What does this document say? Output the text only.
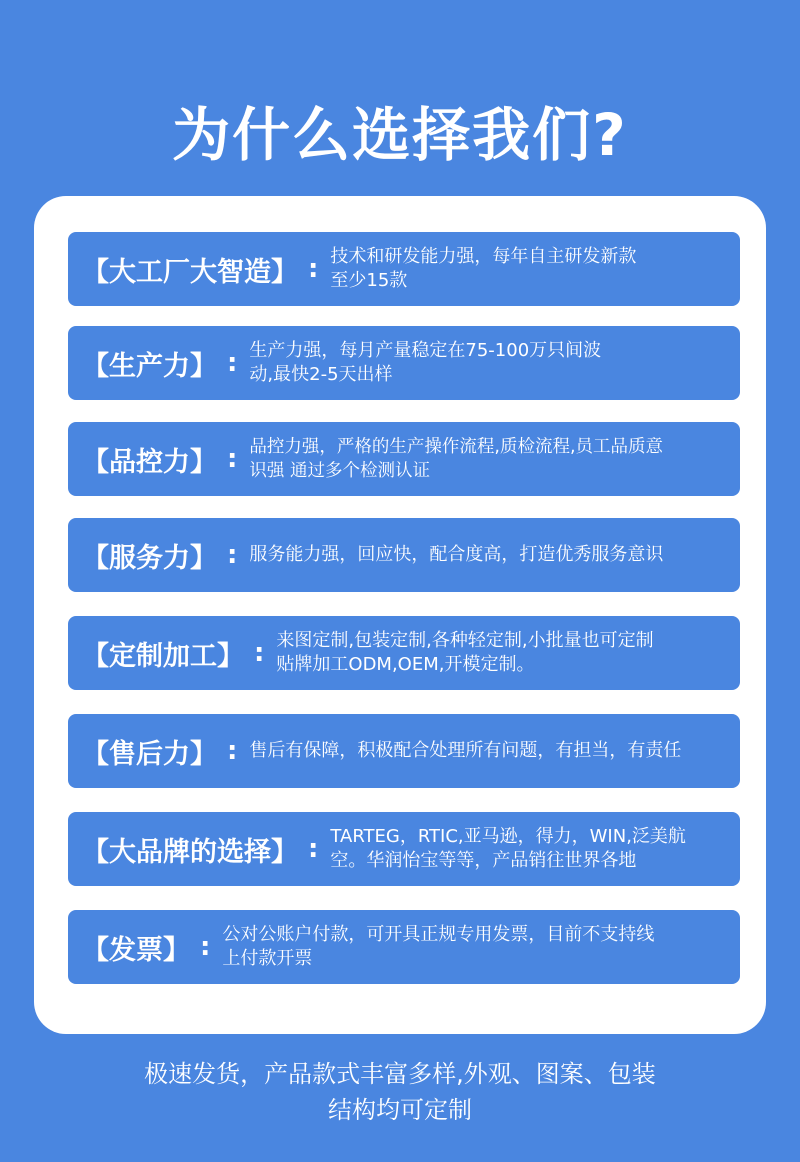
为什么选择我们?
【大工厂大智造】 : 技术和研发能力强，每年自主研发新款
至少15款
【生产力】 : 生产力强，每月产量稳定在75-100万只间波
动,最快2-5天出样
【品控力】 : 品控力强，严格的生产操作流程,质检流程,员工品质意
识强 通过多个检测认证
【服务力】 : 服务能力强，回应快，配合度高，打造优秀服务意识
【定制加工】 : 来图定制,包装定制,各种轻定制,小批量也可定制
贴牌加工ODM,OEM,开模定制。
【售后力】 : 售后有保障，积极配合处理所有问题，有担当，有责任
【大品牌的选择】 : TARTEG，RTIC,亚马逊，得力，WIN,泛美航
空。华润怡宝等等，产品销往世界各地
【发票】 : 公对公账户付款，可开具正规专用发票，目前不支持线
上付款开票
极速发货，产品款式丰富多样,外观、图案、包装
结构均可定制
